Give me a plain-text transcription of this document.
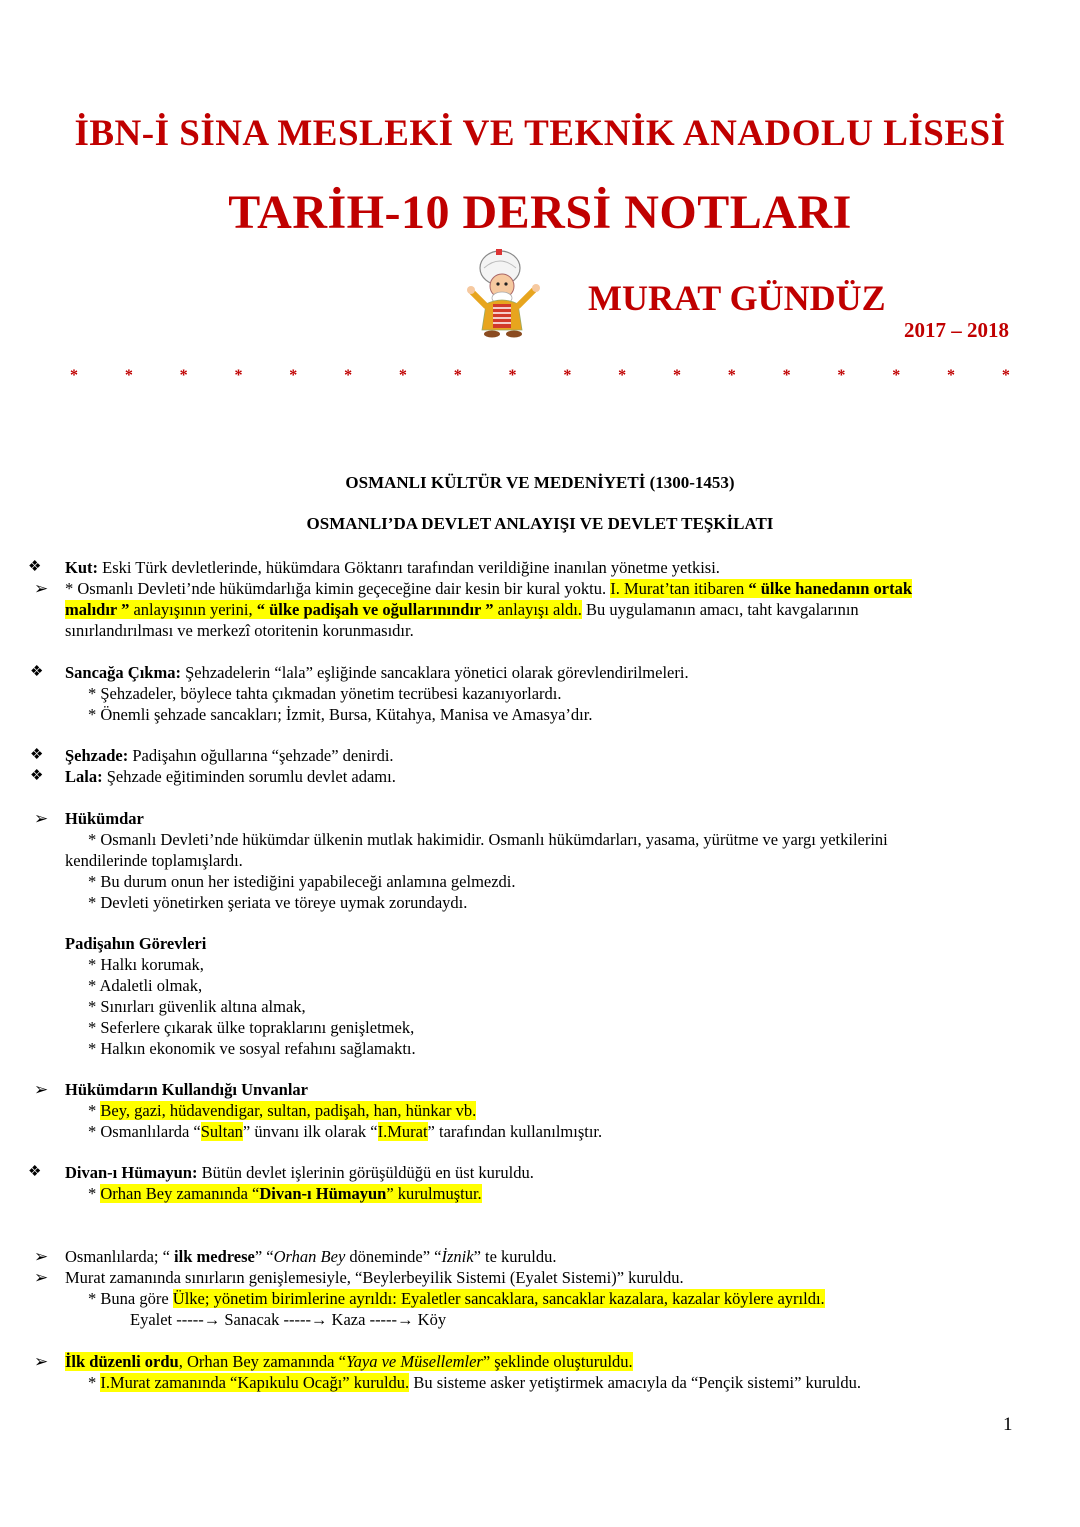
İBN-İ SİNA MESLEKİ VE TEKNİK ANADOLU LİSESİ
TARİH-10 DERSİ NOTLARI
MURAT GÜNDÜZ
2017 – 2018
*	*	*	*	*	*	*	*	*	*	*	*	*	*	*	*	*	*
OSMANLI KÜLTÜR VE MEDENİYETİ (1300-1453)
OSMANLI’DA DEVLET ANLAYIŞI VE DEVLET TEŞKİLATI
❖ Kut: Eski Türk devletlerinde, hükümdara Göktanrı tarafından verildiğine inanılan yönetme yetkisi.
➢ * Osmanlı Devleti’nde hükümdarlığa kimin geçeceğine dair kesin bir kural yoktu. I. Murat’tan itibaren “ ülke hanedanın ortak
malıdır ” anlayışının yerini, “ ülke padişah ve oğullarınındır ” anlayışı aldı. Bu uygulamanın amacı, taht kavgalarının
sınırlandırılması ve merkezî otoritenin korunmasıdır.
❖ Sancağa Çıkma: Şehzadelerin “lala” eşliğinde sancaklara yönetici olarak görevlendirilmeleri.
* Şehzadeler, böylece tahta çıkmadan yönetim tecrübesi kazanıyorlardı.
* Önemli şehzade sancakları; İzmit, Bursa, Kütahya, Manisa ve Amasya’dır.
❖ Şehzade: Padişahın oğullarına “şehzade” denirdi.
❖ Lala: Şehzade eğitiminden sorumlu devlet adamı.
➢ Hükümdar
* Osmanlı Devleti’nde hükümdar ülkenin mutlak hakimidir. Osmanlı hükümdarları, yasama, yürütme ve yargı yetkilerini
kendilerinde toplamışlardı.
* Bu durum onun her istediğini yapabileceği anlamına gelmezdi.
* Devleti yönetirken şeriata ve töreye uymak zorundaydı.
Padişahın Görevleri
* Halkı korumak,
* Adaletli olmak,
* Sınırları güvenlik altına almak,
* Seferlere çıkarak ülke topraklarını genişletmek,
* Halkın ekonomik ve sosyal refahını sağlamaktı.
➢ Hükümdarın Kullandığı Unvanlar
* Bey, gazi, hüdavendigar, sultan, padişah, han, hünkar vb.
* Osmanlılarda “Sultan” ünvanı ilk olarak “I.Murat” tarafından kullanılmıştır.
❖ Divan-ı Hümayun: Bütün devlet işlerinin görüşüldüğü en üst kuruldu.
* Orhan Bey zamanında “Divan-ı Hümayun” kurulmuştur.
➢ Osmanlılarda; “ ilk medrese” “Orhan Bey döneminde” “İznik” te kuruldu.
➢ Murat zamanında sınırların genişlemesiyle, “Beylerbeyilik Sistemi (Eyalet Sistemi)” kuruldu.
* Buna göre Ülke; yönetim birimlerine ayrıldı: Eyaletler sancaklara, sancaklar kazalara, kazalar köylere ayrıldı.
Eyalet -----→ Sanacak -----→ Kaza -----→ Köy
➢ İlk düzenli ordu, Orhan Bey zamanında “Yaya ve Müsellemler” şeklinde oluşturuldu.
* I.Murat zamanında “Kapıkulu Ocağı” kuruldu. Bu sisteme asker yetiştirmek amacıyla da “Pençik sistemi” kuruldu.
1
